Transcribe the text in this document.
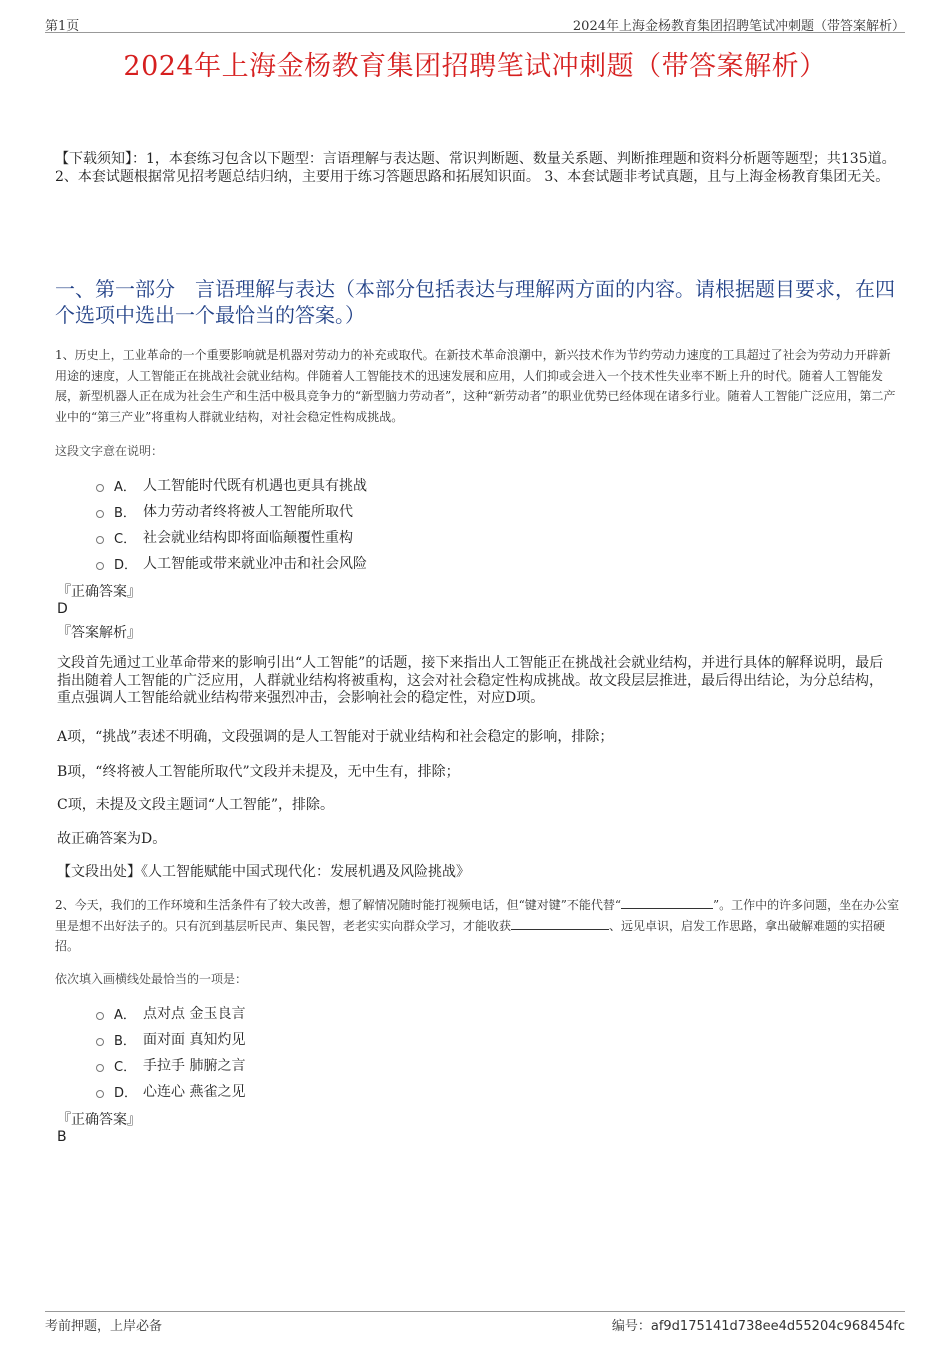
第1页	2024年上海金杨教育集团招聘笔试冲刺题（带答案解析）
2024年上海金杨教育集团招聘笔试冲刺题（带答案解析）
【下载须知】：1，本套练习包含以下题型：言语理解与表达题、常识判断题、数量关系题、判断推理题和资料分析题等题型；共135道。 2、本套试题根据常见招考题总结归纳，主要用于练习答题思路和拓展知识面。 3、本套试题非考试真题，且与上海金杨教育集团无关。
一、第一部分　言语理解与表达（本部分包括表达与理解两方面的内容。请根据题目要求，在四个选项中选出一个最恰当的答案。）
1、历史上，工业革命的一个重要影响就是机器对劳动力的补充或取代。在新技术革命浪潮中，新兴技术作为节约劳动力速度的工具超过了社会为劳动力开辟新用途的速度，人工智能正在挑战社会就业结构。伴随着人工智能技术的迅速发展和应用，人们抑或会进入一个技术性失业率不断上升的时代。随着人工智能发展，新型机器人正在成为社会生产和生活中极具竞争力的“新型脑力劳动者”，这种“新劳动者”的职业优势已经体现在诸多行业。随着人工智能广泛应用，第二产业中的“第三产业”将重构人群就业结构，对社会稳定性构成挑战。
这段文字意在说明：
A． 人工智能时代既有机遇也更具有挑战
B． 体力劳动者终将被人工智能所取代
C． 社会就业结构即将面临颠覆性重构
D． 人工智能或带来就业冲击和社会风险
『正确答案』
D
『答案解析』
文段首先通过工业革命带来的影响引出“人工智能”的话题，接下来指出人工智能正在挑战社会就业结构，并进行具体的解释说明，最后指出随着人工智能的广泛应用，人群就业结构将被重构，这会对社会稳定性构成挑战。故文段层层推进，最后得出结论，为分总结构，重点强调人工智能给就业结构带来强烈冲击，会影响社会的稳定性，对应D项。
A项，“挑战”表述不明确，文段强调的是人工智能对于就业结构和社会稳定的影响，排除；
B项，“终将被人工智能所取代”文段并未提及，无中生有，排除；
C项，未提及文段主题词“人工智能”，排除。
故正确答案为D。
【文段出处】《人工智能赋能中国式现代化：发展机遇及风险挑战》
2、今天，我们的工作环境和生活条件有了较大改善，想了解情况随时能打视频电话，但“键对键”不能代替“	”。工作中的许多问题，坐在办公室里是想不出好法子的。只有沉到基层听民声、集民智，老老实实向群众学习，才能收获	、远见卓识，启发工作思路，拿出破解难题的实招硬招。
依次填入画横线处最恰当的一项是：
A． 点对点 金玉良言
B． 面对面 真知灼见
C． 手拉手 肺腑之言
D． 心连心 燕雀之见
『正确答案』
B
考前押题，上岸必备	编号：af9d175141d738ee4d55204c968454fc
